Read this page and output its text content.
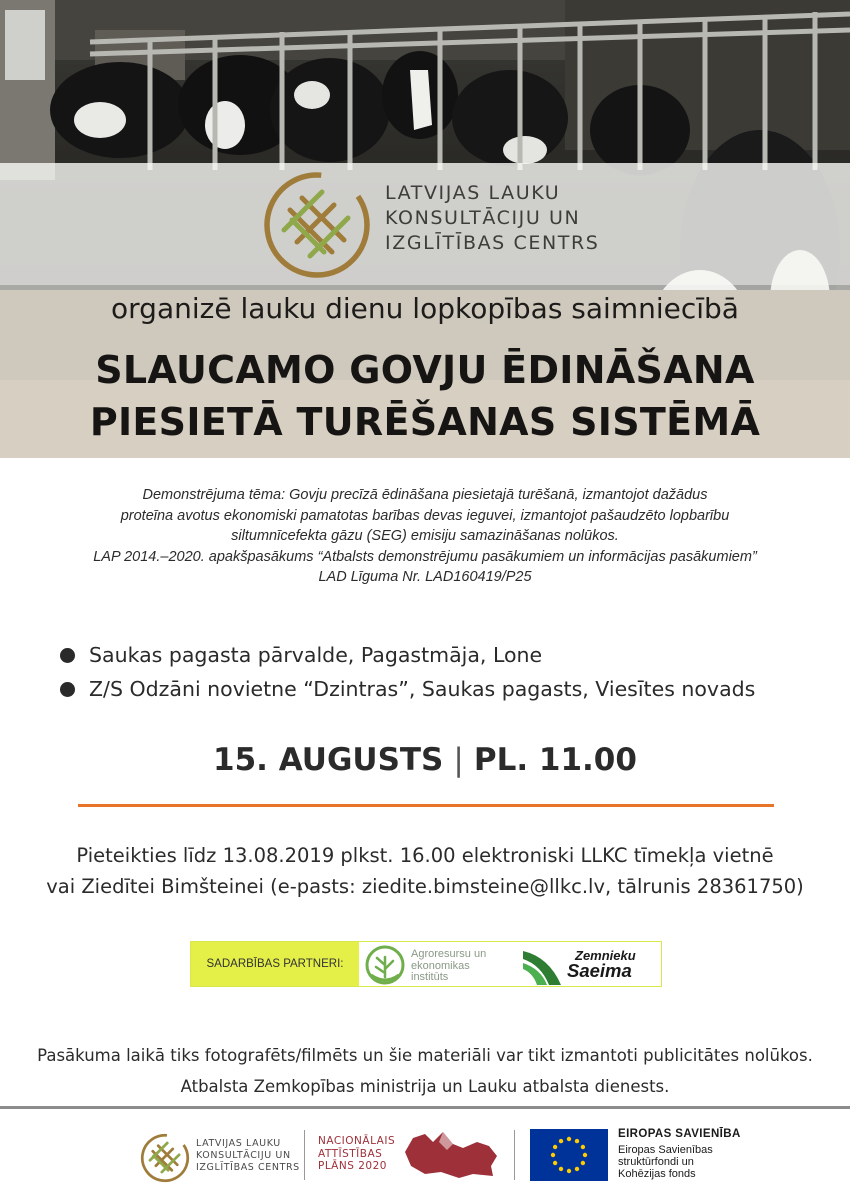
LATVIJAS LAUKU
KONSULTĀCIJU UN
IZGLĪTĪBAS CENTRS
organizē lauku dienu lopkopības saimniecībā
SLAUCAMO GOVJU ĒDINĀŠANA
PIESIETĀ TURĒŠANAS SISTĒMĀ
Demonstrējuma tēma: Govju precīzā ēdināšana piesietajā turēšanā, izmantojot dažādus
proteīna avotus ekonomiski pamatotas barības devas ieguvei, izmantojot pašaudzēto lopbarību
siltumnīcefekta gāzu (SEG) emisiju samazināšanas nolūkos.
LAP 2014.–2020. apakšpasākums “Atbalsts demonstrējumu pasākumiem un informācijas pasākumiem”
LAD Līguma Nr. LAD160419/P25
Saukas pagasta pārvalde, Pagastmāja, Lone
Z/S Odzāni novietne “Dzintras”, Saukas pagasts, Viesītes novads
15. AUGUSTS | PL. 11.00
Pieteikties līdz 13.08.2019 plkst. 16.00 elektroniski LLKC tīmekļa vietnē
vai Ziedītei Bimšteinei (e-pasts: ziedite.bimsteine@llkc.lv, tālrunis 28361750)
SADARBĪBAS PARTNERI:
Agroresursu un
ekonomikas
institūts
Zemnieku
Saeima
Pasākuma laikā tiks fotografēts/filmēts un šie materiāli var tikt izmantoti publicitātes nolūkos.
Atbalsta Zemkopības ministrija un Lauku atbalsta dienests.
LATVIJAS LAUKU
KONSULTĀCIJU UN
IZGLĪTĪBAS CENTRS
NACIONĀLAIS
ATTĪSTĪBAS
PLĀNS 2020
EIROPAS SAVIENĪBA
Eiropas Savienības
struktūrfondi un
Kohēzijas fonds
